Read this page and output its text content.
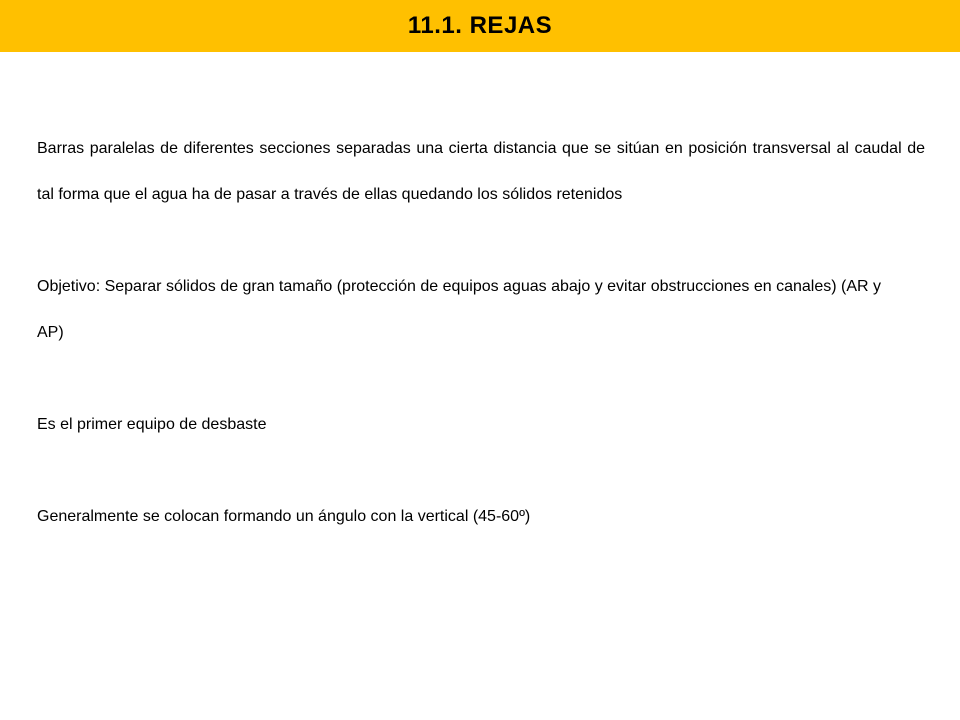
11.1. REJAS

Barras paralelas de diferentes secciones separadas una cierta distancia que se sitúan en posición transversal al caudal de tal forma que el agua ha de pasar a través de ellas quedando los sólidos retenidos

Objetivo: Separar sólidos de gran tamaño (protección de equipos aguas abajo y evitar obstrucciones en canales) (AR y AP)

Es el primer equipo de desbaste

Generalmente se colocan formando un ángulo con la vertical (45-60º)
